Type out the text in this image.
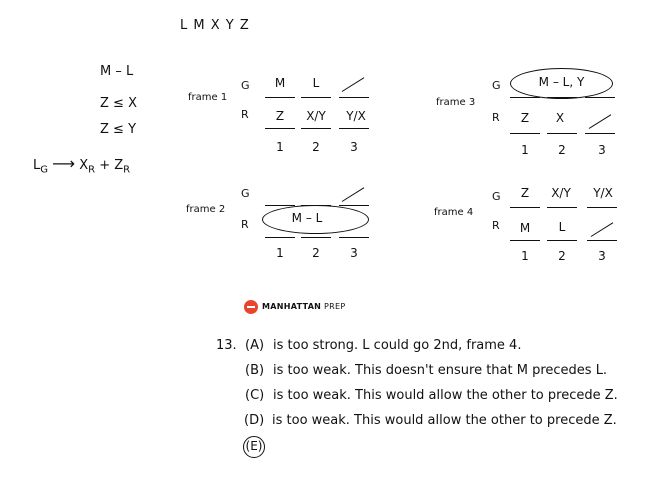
L M X Y Z
M – L
Z ≤ X
Z ≤ Y
$L_G$ ⟶ $X_R + Z_R$
frame 1
G
R
M	L
Z	X/Y	Y/X
1	2	3
frame 3
G
R
M – L, Y
Z	X
1	2	3
frame 2
G
R	M – L
1	2	3
frame 4
G
R
Z	X/Y	Y/X
M	L
1	2	3
MANHATTAN PREP
13. (A) is too strong. L could go 2nd, frame 4.
(B) is too weak. This doesn't ensure that M precedes L.
(C) is too weak. This would allow the other to precede Z.
(D) is too weak. This would allow the other to precede Z.
(E)
